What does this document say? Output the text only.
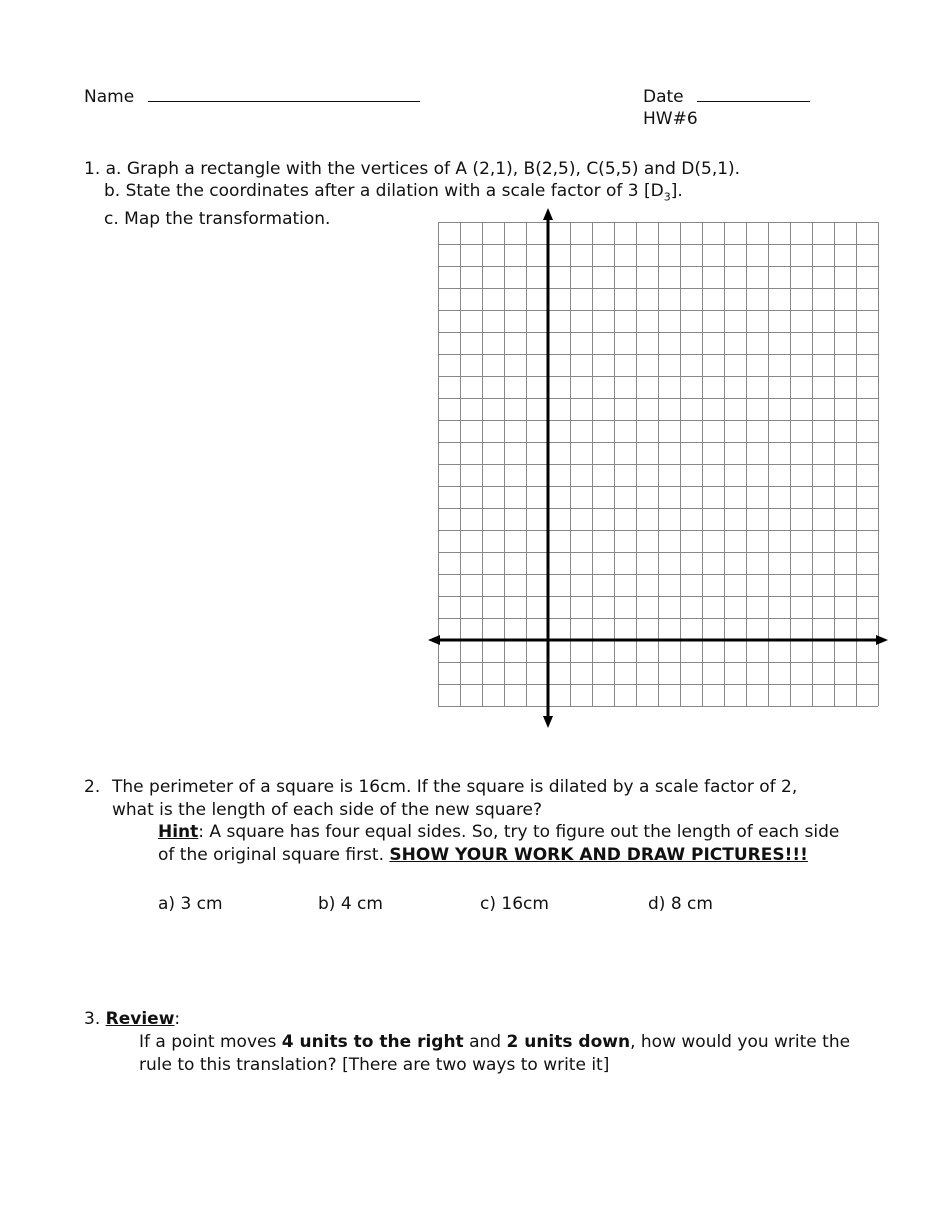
Name	Date
HW#6
1. a. Graph a rectangle with the vertices of A (2,1), B(2,5), C(5,5) and D(5,1).
b. State the coordinates after a dilation with a scale factor of 3 $[D_3]$.
c. Map the transformation.
2. The perimeter of a square is 16cm. If the square is dilated by a scale factor of 2,
what is the length of each side of the new square?
Hint: A square has four equal sides. So, try to figure out the length of each side
of the original square first. SHOW YOUR WORK AND DRAW PICTURES!!!
a) 3 cm	b) 4 cm	c) 16cm	d) 8 cm
3. Review:
If a point moves 4 units to the right and 2 units down, how would you write the
rule to this translation? [There are two ways to write it]
